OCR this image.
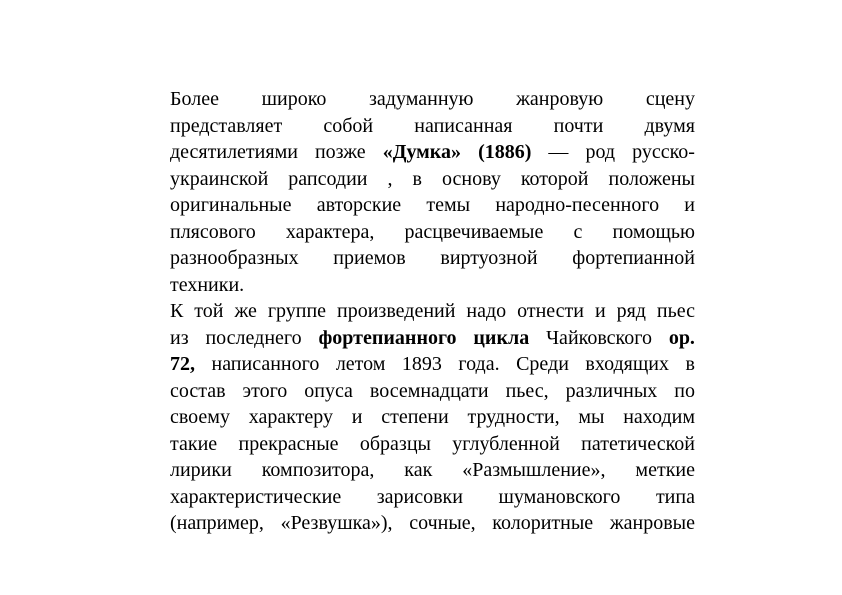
Более широко задуманную жанровую сцену
представляет собой написанная почти двумя
десятилетиями позже «Думка» (1886) — род русско-
украинской рапсодии , в основу которой положены
оригинальные авторские темы народно-песенного и
плясового характера, расцвечиваемые с помощью
разнообразных приемов виртуозной фортепианной
техники.
К той же группе произведений надо отнести и ряд пьес
из последнего фортепианного цикла Чайковского ор.
72, написанного летом 1893 года. Среди входящих в
состав этого опуса восемнадцати пьес, различных по
своему характеру и степени трудности, мы находим
такие прекрасные образцы углубленной патетической
лирики композитора, как «Размышление», меткие
характеристические зарисовки шумановского типа
(например, «Резвушка»), сочные, колоритные жанровые
